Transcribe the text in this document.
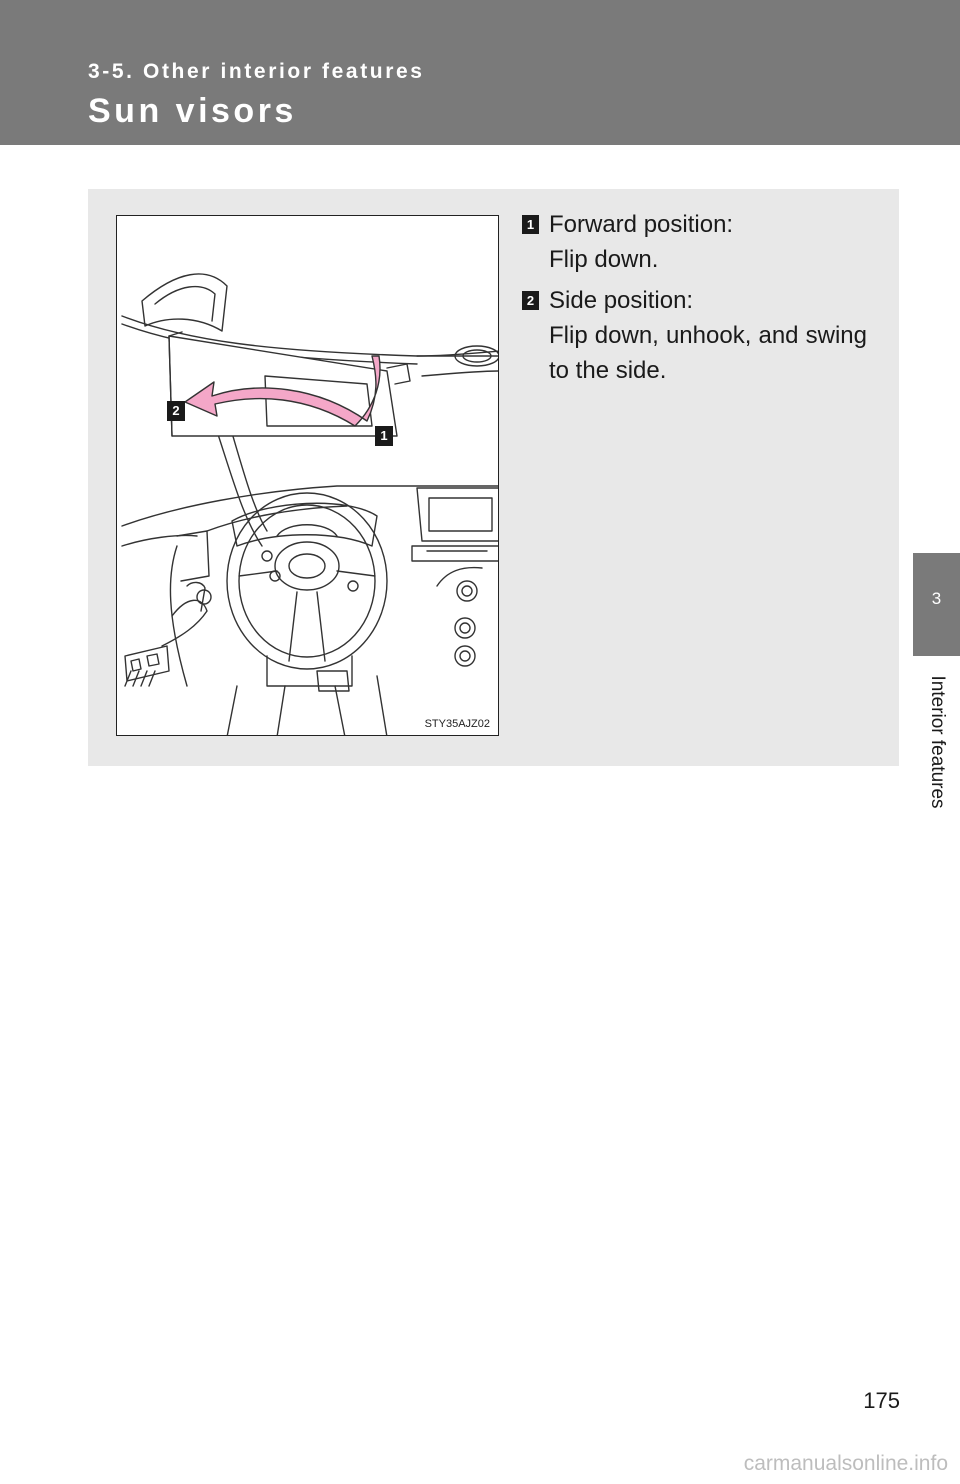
3-5. Other interior features
Sun visors
2
1
STY35AJZ02
1 Forward position:
Flip down.
2 Side position:
Flip down, unhook, and swing to the side.
3
Interior features
175
carmanualsonline.info
